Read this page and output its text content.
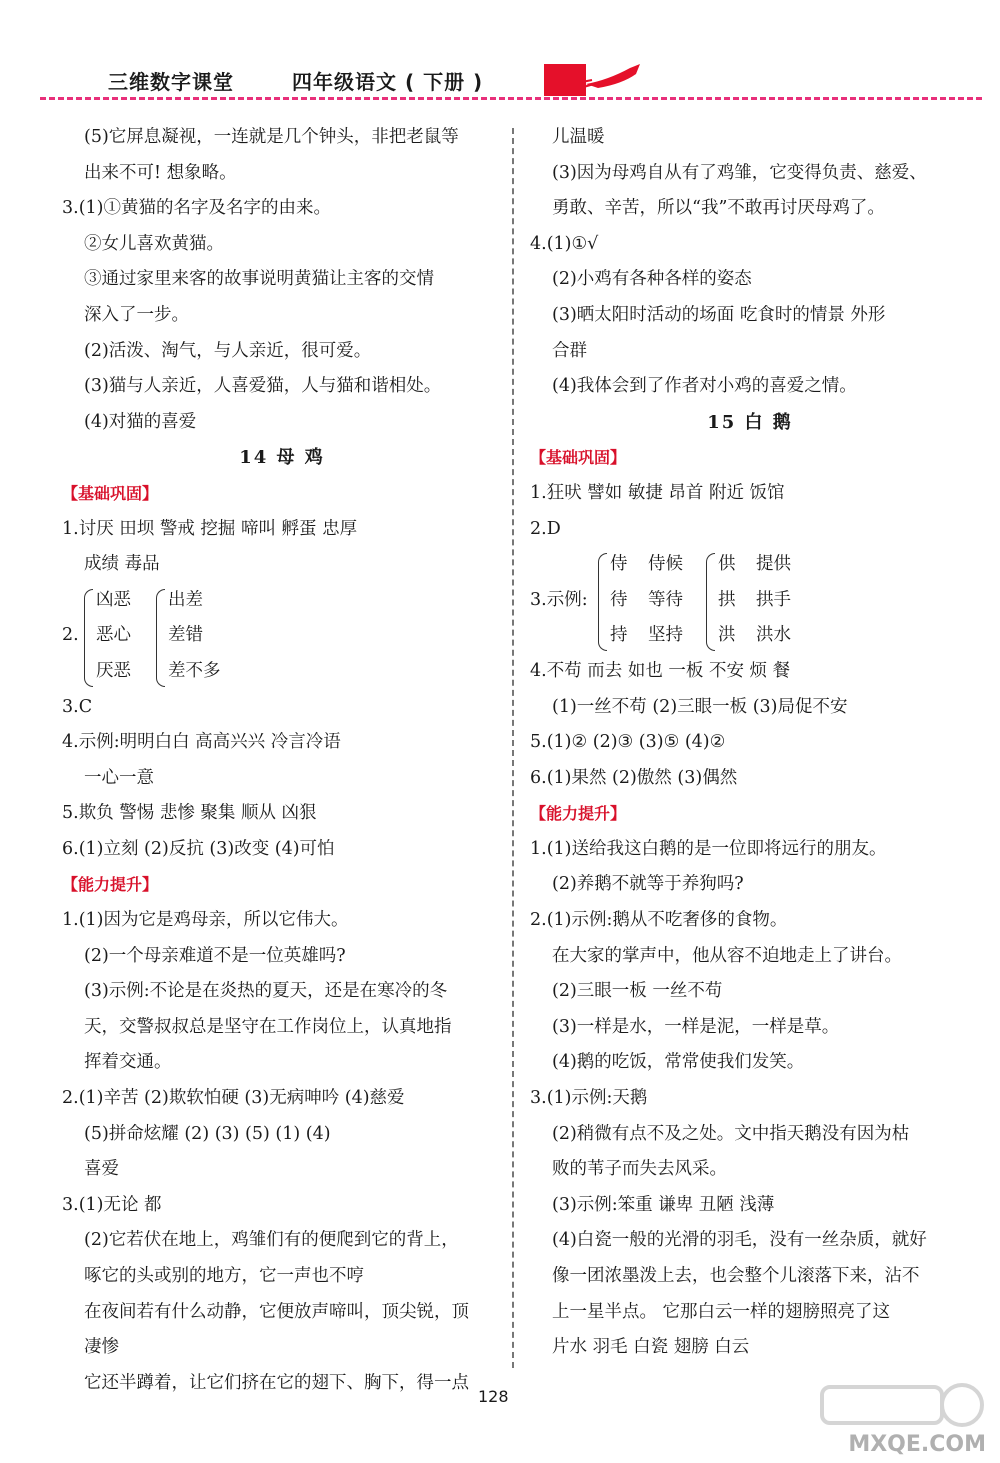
三维数字课堂	四年级语文 ( 下册 )
(5)它屏息凝视，一连就是几个钟头，非把老鼠等
出来不可! 想象略。
3.(1)①黄猫的名字及名字的由来。
②女儿喜欢黄猫。
③通过家里来客的故事说明黄猫让主客的交情
深入了一步。
(2)活泼、淘气，与人亲近，很可爱。
(3)猫与人亲近，人喜爱猫，人与猫和谐相处。
(4)对猫的喜爱
14 母 鸡
【基础巩固】
1.讨厌 田坝 警戒 挖掘 啼叫 孵蛋 忠厚
成绩 毒品
2.
凶恶
恶心
厌恶
出差
差错
差不多
3.C
4.示例:明明白白 高高兴兴 冷言冷语
一心一意
5.欺负 警惕 悲惨 聚集 顺从 凶狠
6.(1)立刻 (2)反抗 (3)改变 (4)可怕
【能力提升】
1.(1)因为它是鸡母亲，所以它伟大。
(2)一个母亲难道不是一位英雄吗?
(3)示例:不论是在炎热的夏天，还是在寒冷的冬
天，交警叔叔总是坚守在工作岗位上，认真地指
挥着交通。
2.(1)辛苦 (2)欺软怕硬 (3)无病呻吟 (4)慈爱
(5)拼命炫耀 (2) (3) (5) (1) (4)
喜爱
3.(1)无论 都
(2)它若伏在地上，鸡雏们有的便爬到它的背上，
啄它的头或别的地方，它一声也不哼
在夜间若有什么动静，它便放声啼叫，顶尖锐，顶
凄惨
它还半蹲着，让它们挤在它的翅下、胸下，得一点
儿温暖
(3)因为母鸡自从有了鸡雏，它变得负责、慈爱、
勇敢、辛苦，所以“我”不敢再讨厌母鸡了。
4.(1)①√
(2)小鸡有各种各样的姿态
(3)晒太阳时活动的场面 吃食时的情景 外形
合群
(4)我体会到了作者对小鸡的喜爱之情。
15 白 鹅
【基础巩固】
1.狂吠 譬如 敏捷 昂首 附近 饭馆
2.D
3.示例:
侍
待
持
侍候
等待
坚持
供
拱
洪
提供
拱手
洪水
4.不苟 而去 如也 一板 不安 烦 餐
(1)一丝不苟 (2)三眼一板 (3)局促不安
5.(1)② (2)③ (3)⑤ (4)②
6.(1)果然 (2)傲然 (3)偶然
【能力提升】
1.(1)送给我这白鹅的是一位即将远行的朋友。
(2)养鹅不就等于养狗吗?
2.(1)示例:鹅从不吃奢侈的食物。
在大家的掌声中，他从容不迫地走上了讲台。
(2)三眼一板 一丝不苟
(3)一样是水，一样是泥，一样是草。
(4)鹅的吃饭，常常使我们发笑。
3.(1)示例:天鹅
(2)稍微有点不及之处。文中指天鹅没有因为枯
败的苇子而失去风采。
(3)示例:笨重 谦卑 丑陋 浅薄
(4)白瓷一般的光滑的羽毛，没有一丝杂质，就好
像一团浓墨泼上去，也会整个儿滚落下来，沾不
上一星半点。 它那白云一样的翅膀照亮了这
片水 羽毛 白瓷 翅膀 白云
128
MXQE.COM
